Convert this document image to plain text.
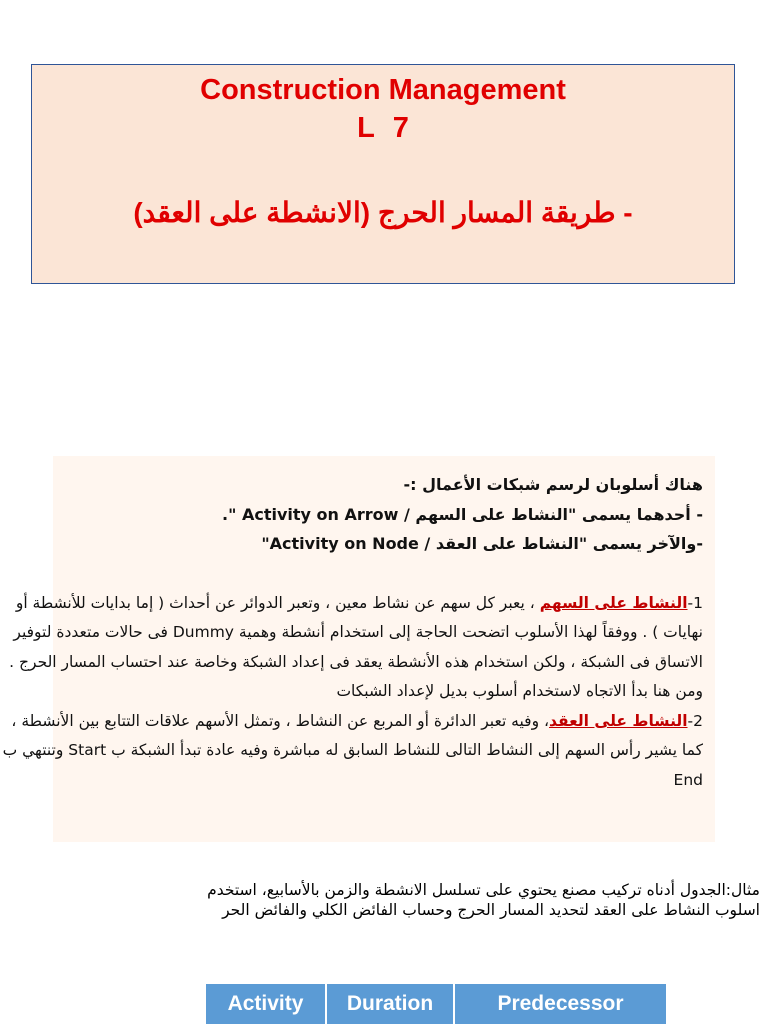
Construction Management
L 7
- طريقة المسار الحرج (الانشطة على العقد)
هناك أسلوبان لرسم شبكات الأعمال :-
- أحدهما يسمى "النشاط على السهم / Activity on Arrow ".
-والآخر يسمى "النشاط على العقد / Activity on Node"
1-النشاط على السهم ، يعبر كل سهم عن نشاط معين ، وتعبر الدوائر عن أحداث ( إما بدايات للأنشطة أو
نهايات ) . ووفقاً لهذا الأسلوب اتضحت الحاجة إلى استخدام أنشطة وهمية Dummy فى حالات متعددة لتوفير
الاتساق فى الشبكة ، ولكن استخدام هذه الأنشطة يعقد فى إعداد الشبكة وخاصة عند احتساب المسار الحرج .
ومن هنا بدأ الاتجاه لاستخدام أسلوب بديل لإعداد الشبكات
2-النشاط على العقد، وفيه تعبر الدائرة أو المربع عن النشاط ، وتمثل الأسهم علاقات التتابع بين الأنشطة ،
كما يشير رأس السهم إلى النشاط التالى للنشاط السابق له مباشرة وفيه عادة تبدأ الشبكة ب Start وتنتهي ب
End
مثال:الجدول أدناه تركيب مصنع يحتوي على تسلسل الانشطة والزمن بالأسابيع، استخدم
اسلوب النشاط على العقد لتحديد المسار الحرج وحساب الفائض الكلي والفائض الحر
Activity	Duration	Predecessor
